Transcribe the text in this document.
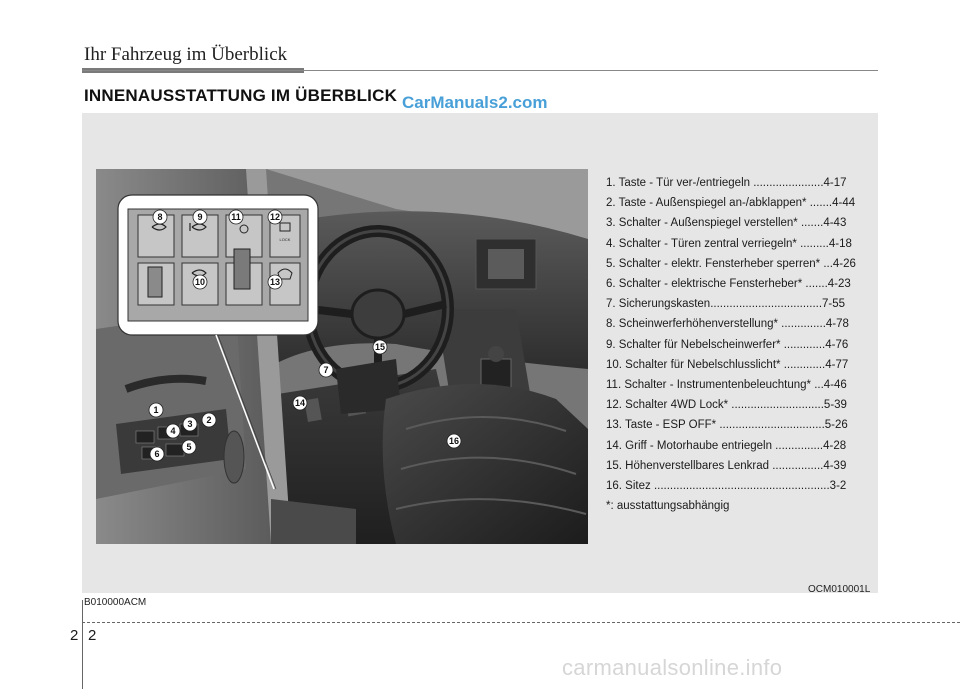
Ihr Fahrzeug im Überblick
INNENAUSSTATTUNG IM ÜBERBLICK CarManuals2.com
LOCK
1
2
3
4
5
6
7
8	9
10
11	12
13
14
15
16
1. Taste - Tür ver-/entriegeln ......................4-17
2. Taste - Außenspiegel an-/abklappen* .......4-44
3. Schalter - Außenspiegel verstellen* .......4-43
4. Schalter - Türen zentral verriegeln* .........4-18
5. Schalter - elektr. Fensterheber sperren* ...4-26
6. Schalter - elektrische Fensterheber* .......4-23
7. Sicherungskasten...................................7-55
8. Scheinwerferhöhenverstellung* ..............4-78
9. Schalter für Nebelscheinwerfer* .............4-76
10. Schalter für Nebelschlusslicht* .............4-77
11. Schalter - Instrumentenbeleuchtung* ...4-46
12. Schalter 4WD Lock* .............................5-39
13. Taste - ESP OFF* .................................5-26
14. Griff - Motorhaube entriegeln ...............4-28
15. Höhenverstellbares Lenkrad ................4-39
16. Sitez .......................................................3-2
*: ausstattungsabhängig
OCM010001L
B010000ACM
2 2
carmanualsonline.info
